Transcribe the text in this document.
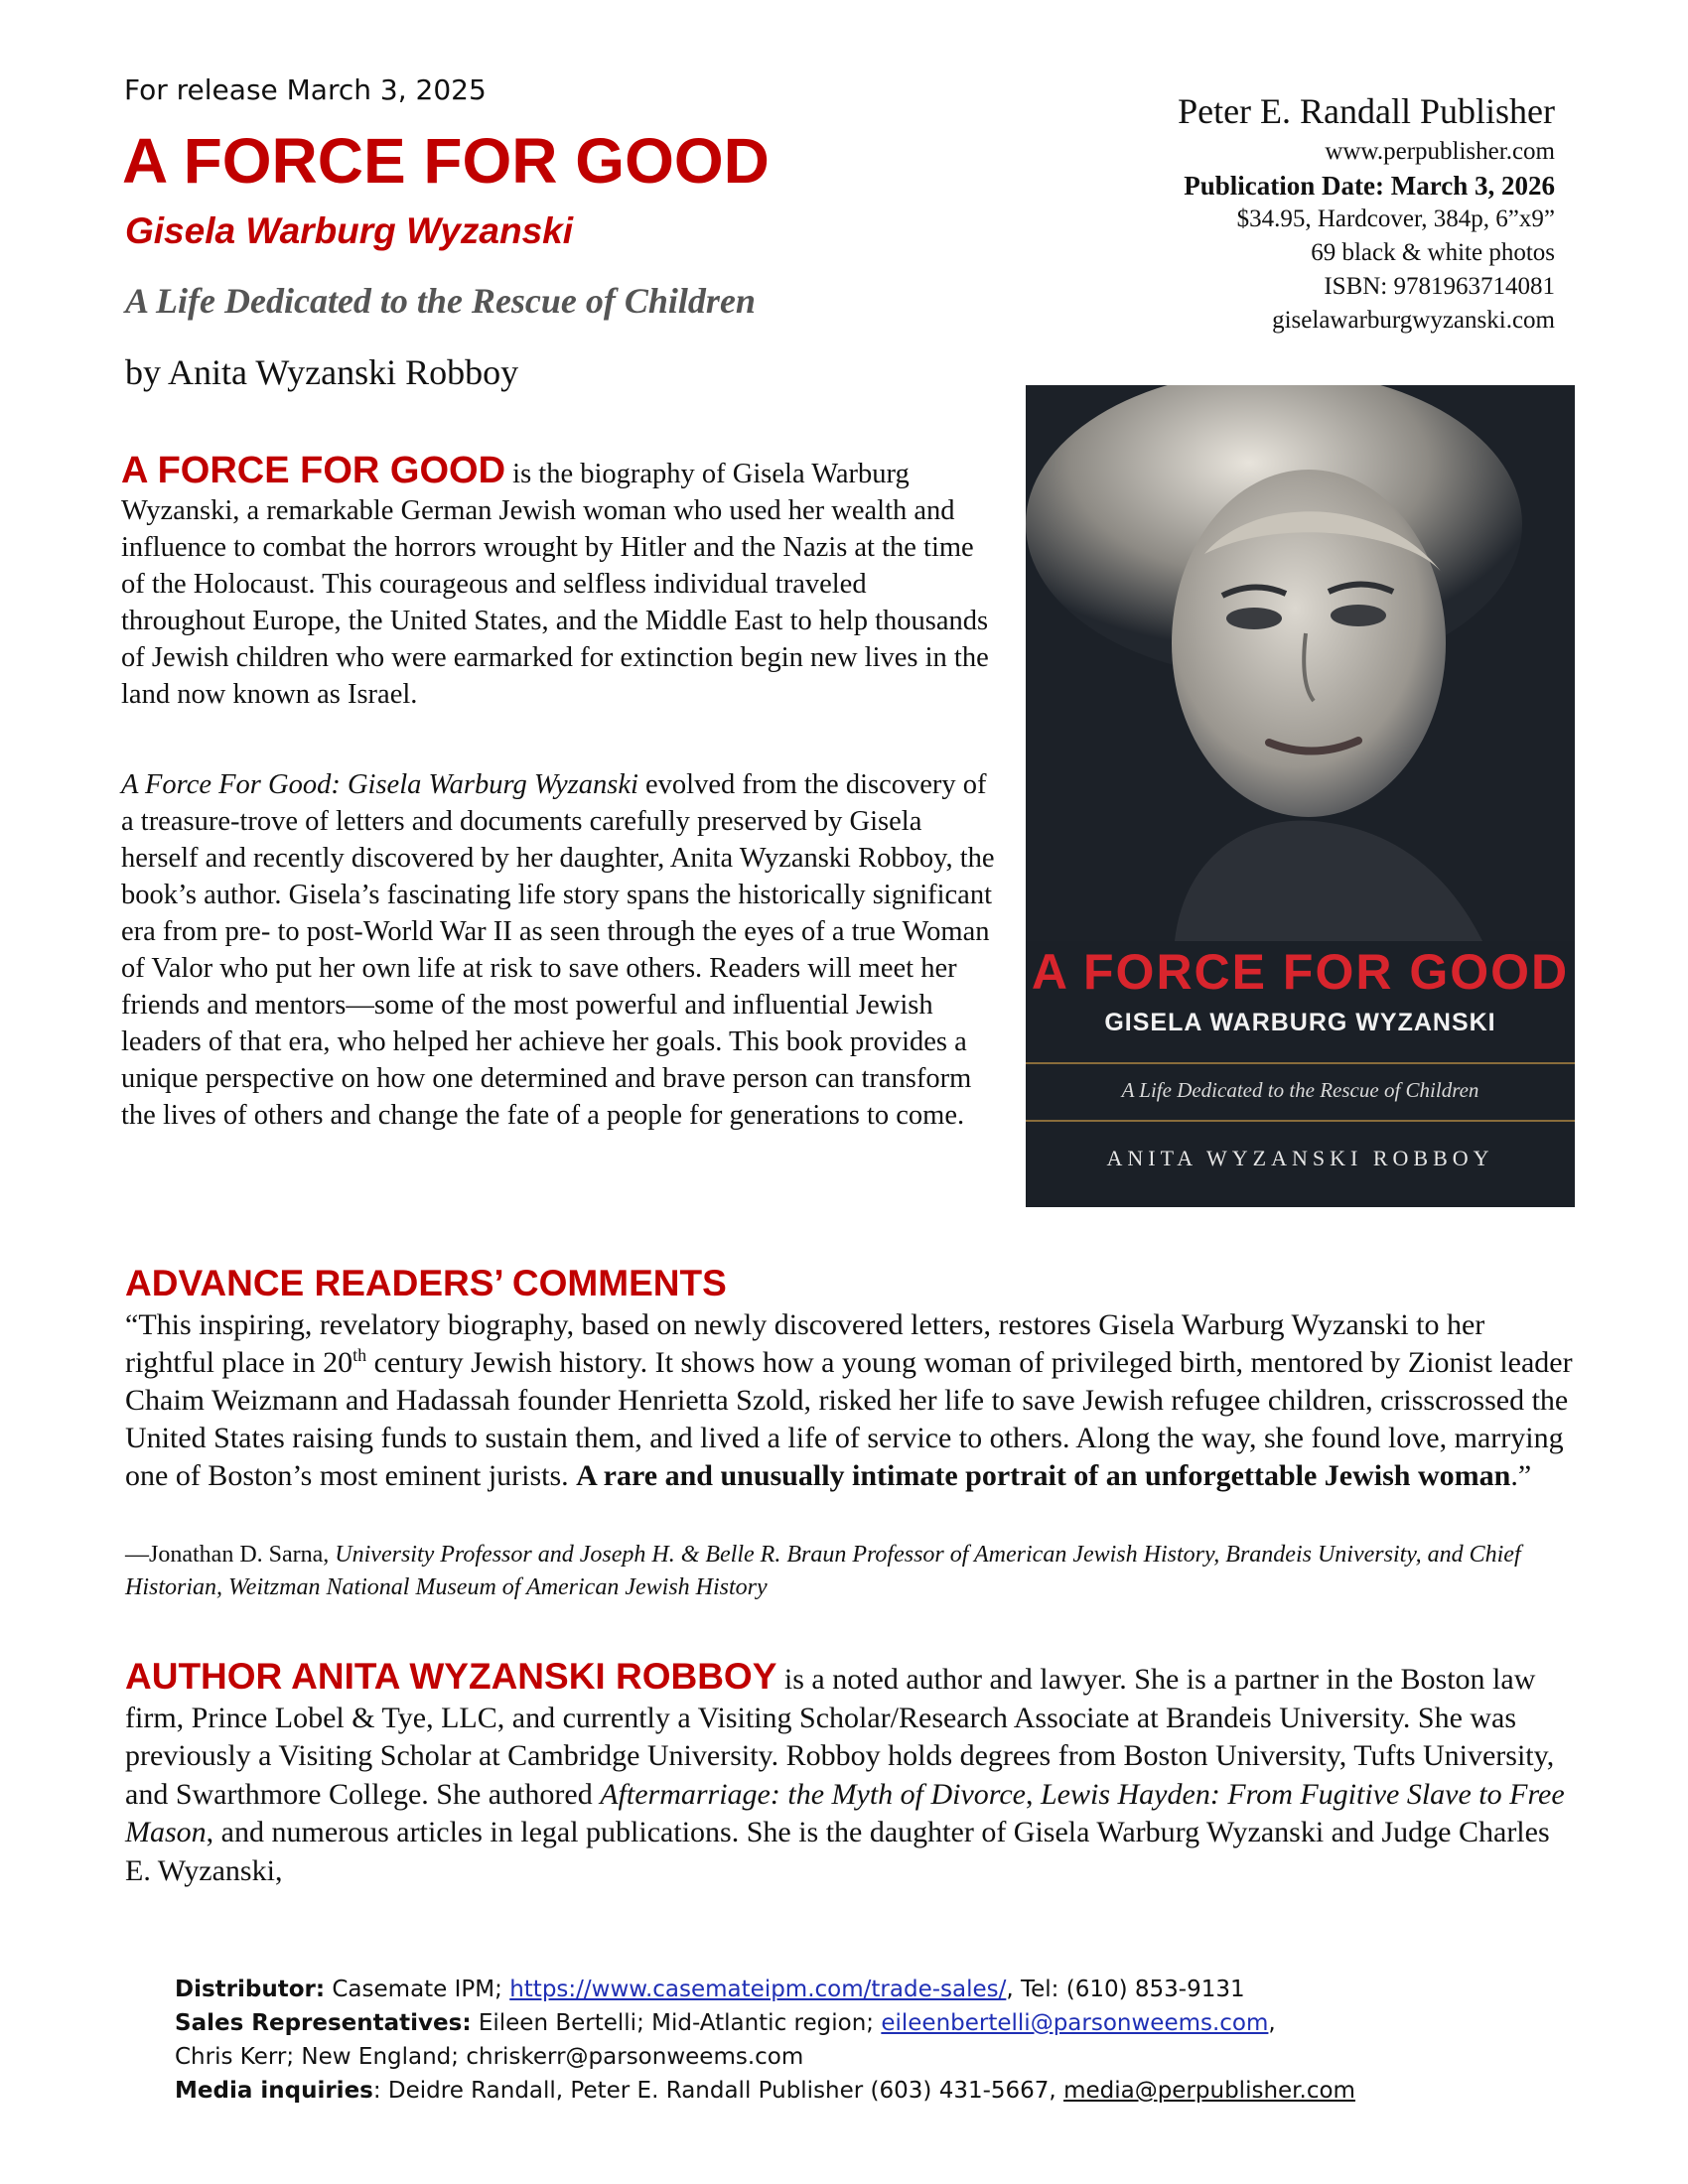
For release March 3, 2025
A FORCE FOR GOOD
Gisela Warburg Wyzanski
A Life Dedicated to the Rescue of Children
by Anita Wyzanski Robboy
Peter E. Randall Publisher
www.perpublisher.com
Publication Date: March 3, 2026
$34.95, Hardcover, 384p, 6”x9”
69 black & white photos
ISBN: 9781963714081
giselawarburgwyzanski.com
A FORCE FOR GOOD is the biography of Gisela Warburg Wyzanski, a remarkable German Jewish woman who used her wealth and influence to combat the horrors wrought by Hitler and the Nazis at the time of the Holocaust. This courageous and selfless individual traveled throughout Europe, the United States, and the Middle East to help thousands of Jewish children who were earmarked for extinction begin new lives in the land now known as Israel.
A Force For Good: Gisela Warburg Wyzanski evolved from the discovery of a treasure-trove of letters and documents carefully preserved by Gisela herself and recently discovered by her daughter, Anita Wyzanski Robboy, the book’s author. Gisela’s fascinating life story spans the historically significant era from pre- to post-World War II as seen through the eyes of a true Woman of Valor who put her own life at risk to save others. Readers will meet her friends and mentors—some of the most powerful and influential Jewish leaders of that era, who helped her achieve her goals. This book provides a unique perspective on how one determined and brave person can transform the lives of others and change the fate of a people for generations to come.
A FORCE FOR GOOD
GISELA WARBURG WYZANSKI
A Life Dedicated to the Rescue of Children
ANITA WYZANSKI ROBBOY
ADVANCE READERS’ COMMENTS
“This inspiring, revelatory biography, based on newly discovered letters, restores Gisela Warburg Wyzanski to her rightful place in 20th century Jewish history. It shows how a young woman of privileged birth, mentored by Zionist leader Chaim Weizmann and Hadassah founder Henrietta Szold, risked her life to save Jewish refugee children, crisscrossed the United States raising funds to sustain them, and lived a life of service to others. Along the way, she found love, marrying one of Boston’s most eminent jurists. A rare and unusually intimate portrait of an unforgettable Jewish woman.”
—Jonathan D. Sarna, University Professor and Joseph H. & Belle R. Braun Professor of American Jewish History, Brandeis University, and Chief Historian, Weitzman National Museum of American Jewish History
AUTHOR ANITA WYZANSKI ROBBOY is a noted author and lawyer. She is a partner in the Boston law firm, Prince Lobel & Tye, LLC, and currently a Visiting Scholar/Research Associate at Brandeis University. She was previously a Visiting Scholar at Cambridge University. Robboy holds degrees from Boston University, Tufts University, and Swarthmore College. She authored Aftermarriage: the Myth of Divorce, Lewis Hayden: From Fugitive Slave to Free Mason, and numerous articles in legal publications. She is the daughter of Gisela Warburg Wyzanski and Judge Charles E. Wyzanski,
Distributor: Casemate IPM; https://www.casemateipm.com/trade-sales/, Tel: (610) 853-9131
Sales Representatives: Eileen Bertelli; Mid-Atlantic region; eileenbertelli@parsonweems.com,
Chris Kerr; New England; chriskerr@parsonweems.com
Media inquiries: Deidre Randall, Peter E. Randall Publisher (603) 431-5667, media@perpublisher.com
